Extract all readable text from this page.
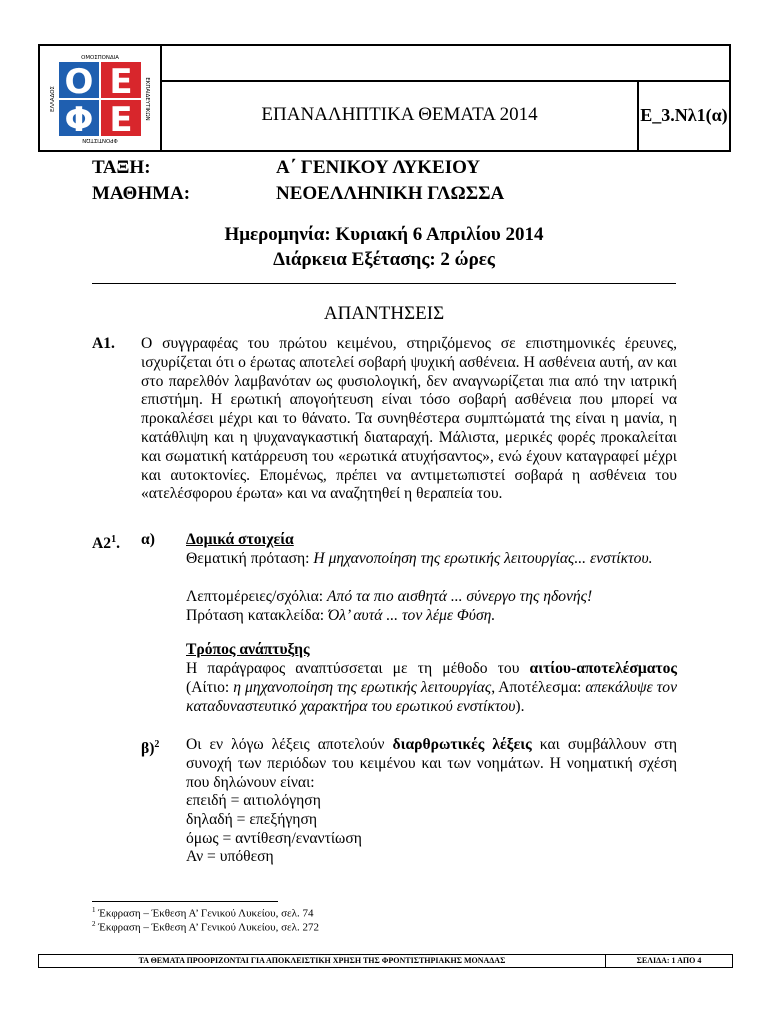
ΟΜΟΣΠΟΝΔΙΑ
ΦΡΟΝΤΙΣΤΩΝ
ΕΛΛΑΔΟΣ	ΕΚΠΑΙΔΕΥΤΙΚΩΝ
Ο Ε
Φ Ε	ΕΠΑΝΑΛΗΠΤΙΚΑ ΘΕΜΑΤΑ 2014	Ε_3.Νλ1(α)
ΤΑΞΗ:	Α΄ ΓΕΝΙΚΟΥ ΛΥΚΕΙΟΥ
ΜΑΘΗΜΑ:	ΝΕΟΕΛΛΗΝΙΚΗ ΓΛΩΣΣΑ
Ημερομηνία: Κυριακή 6 Απριλίου 2014
Διάρκεια Εξέτασης: 2 ώρες
ΑΠΑΝΤΗΣΕΙΣ
Α1. Ο συγγραφέας του πρώτου κειμένου, στηριζόμενος σε επιστημονικές έρευνες, ισχυρίζεται ότι ο έρωτας αποτελεί σοβαρή ψυχική ασθένεια. Η ασθένεια αυτή, αν και στο παρελθόν λαμβανόταν ως φυσιολογική, δεν αναγνωρίζεται πια από την ιατρική επιστήμη. Η ερωτική απογοήτευση είναι τόσο σοβαρή ασθένεια που μπορεί να προκαλέσει μέχρι και το θάνατο. Τα συνηθέστερα συμπτώματά της είναι η μανία, η κατάθλιψη και η ψυχαναγκαστική διαταραχή. Μάλιστα, μερικές φορές προκαλείται και σωματική κατάρρευση του «ερωτικά ατυχήσαντος», ενώ έχουν καταγραφεί μέχρι και αυτοκτονίες. Επομένως, πρέπει να αντιμετωπιστεί σοβαρά η ασθένεια του «ατελέσφορου έρωτα» και να αναζητηθεί η θεραπεία του.
$A2^1$. α) Δομικά στοιχεία
Θεματική πρόταση: Η μηχανοποίηση της ερωτικής λειτουργίας... ενστίκτου.
Λεπτομέρειες/σχόλια: Από τα πιο αισθητά ... σύνεργο της ηδονής!
Πρόταση κατακλείδα: Όλ’ αυτά ... τον λέμε Φύση.
Τρόπος ανάπτυξης
Η παράγραφος αναπτύσσεται με τη μέθοδο του αιτίου-αποτελέσματος (Αίτιο: η μηχανοποίηση της ερωτικής λειτουργίας, Αποτέλεσμα: απεκάλυψε τον καταδυναστευτικό χαρακτήρα του ερωτικού ενστίκτου).
β)$^2$ Οι εν λόγω λέξεις αποτελούν διαρθρωτικές λέξεις και συμβάλλουν στη συνοχή των περιόδων του κειμένου και των νοημάτων. Η νοηματική σχέση που δηλώνουν είναι:
επειδή = αιτιολόγηση
δηλαδή = επεξήγηση
όμως = αντίθεση/εναντίωση
Αν = υπόθεση
$^1$ Έκφραση – Έκθεση Α’ Γενικού Λυκείου, σελ. 74
$^2$ Έκφραση – Έκθεση Α’ Γενικού Λυκείου, σελ. 272
ΤΑ ΘΕΜΑΤΑ ΠΡΟΟΡΙΖΟΝΤΑΙ ΓΙΑ ΑΠΟΚΛΕΙΣΤΙΚΗ ΧΡΗΣΗ ΤΗΣ ΦΡΟΝΤΙΣΤΗΡΙΑΚΗΣ ΜΟΝΑΔΑΣ	ΣΕΛΙΔΑ: 1 ΑΠΟ 4
